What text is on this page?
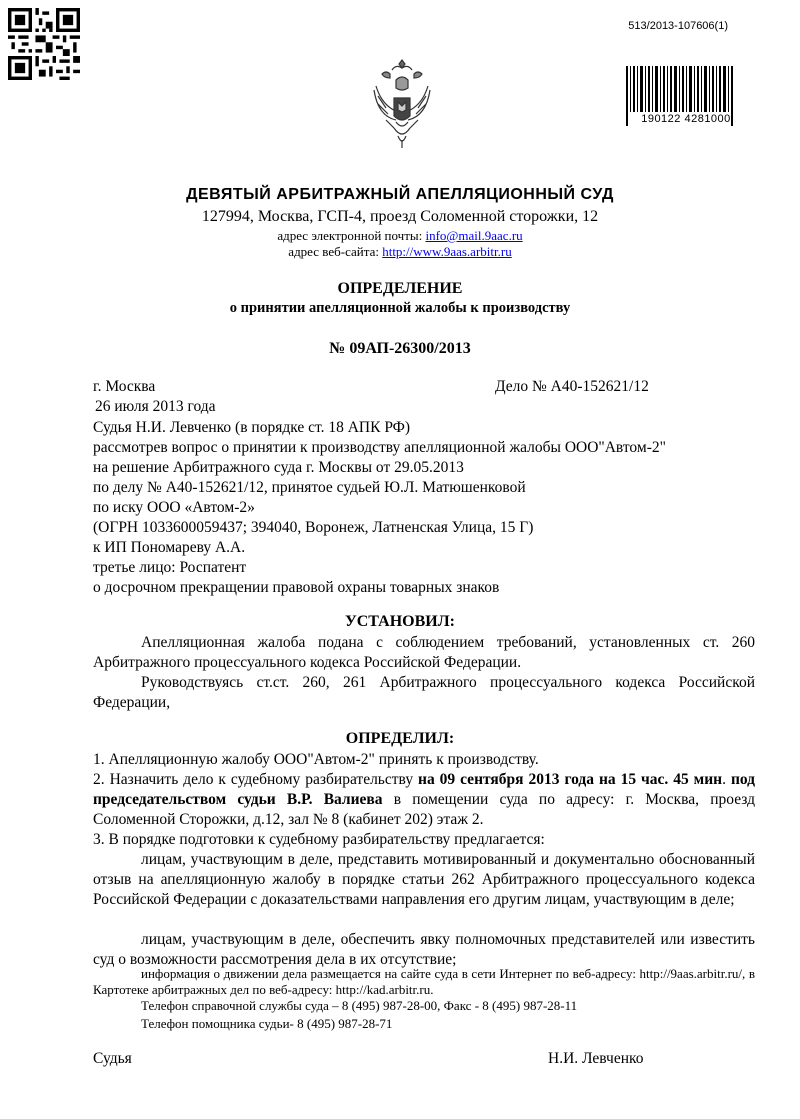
513/2013-107606(1)
190122 4281000
ДЕВЯТЫЙ АРБИТРАЖНЫЙ АПЕЛЛЯЦИОННЫЙ СУД
127994, Москва, ГСП-4, проезд Соломенной сторожки, 12
адрес электронной почты: info@mail.9aac.ru
адрес веб-сайта: http://www.9aas.arbitr.ru
ОПРЕДЕЛЕНИЕ
о принятии апелляционной жалобы к производству
№ 09АП-26300/2013
г. Москва	Дело № А40-152621/12
26 июля 2013 года
Судья Н.И. Левченко (в порядке ст. 18 АПК РФ)
рассмотрев вопрос о принятии к производству апелляционной жалобы ООО"Автом-2"
на решение Арбитражного суда г. Москвы от 29.05.2013
по делу № А40-152621/12, принятое судьей Ю.Л. Матюшенковой
по иску ООО «Автом-2»
(ОГРН 1033600059437; 394040, Воронеж, Латненская Улица, 15 Г)
к ИП Пономареву А.А.
третье лицо: Роспатент
о досрочном прекращении правовой охраны товарных знаков
УСТАНОВИЛ:
Апелляционная жалоба подана с соблюдением требований, установленных ст. 260 Арбитражного процессуального кодекса Российской Федерации.
Руководствуясь ст.ст. 260, 261 Арбитражного процессуального кодекса Российской Федерации,
ОПРЕДЕЛИЛ:
1. Апелляционную жалобу ООО"Автом-2" принять к производству.
2. Назначить дело к судебному разбирательству на 09 сентября 2013 года на 15 час. 45 мин. под председательством судьи В.Р. Валиева в помещении суда по адресу: г. Москва, проезд Соломенной Сторожки, д.12, зал № 8 (кабинет 202) этаж 2.
3. В порядке подготовки к судебному разбирательству предлагается:
лицам, участвующим в деле, представить мотивированный и документально обоснованный отзыв на апелляционную жалобу в порядке статьи 262 Арбитражного процессуального кодекса Российской Федерации с доказательствами направления его другим лицам, участвующим в деле;
лицам, участвующим в деле, обеспечить явку полномочных представителей или известить суд о возможности рассмотрения дела в их отсутствие;
информация о движении дела размещается на сайте суда в сети Интернет по веб-адресу: http://9aas.arbitr.ru/, в Картотеке арбитражных дел по веб-адресу: http://kad.arbitr.ru.
Телефон справочной службы суда – 8 (495) 987-28-00, Факс - 8 (495) 987-28-11
Телефон помощника судьи- 8 (495) 987-28-71
Судья	Н.И. Левченко
